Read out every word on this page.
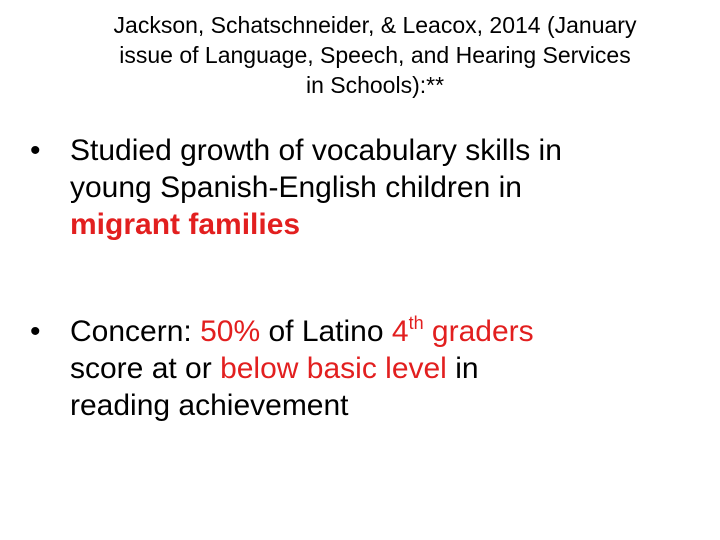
Jackson, Schatschneider, & Leacox, 2014 (January
issue of Language, Speech, and Hearing Services
in Schools):**
• Studied growth of vocabulary skills in
young Spanish-English children in
migrant families
• Concern: 50% of Latino 4th graders
score at or below basic level in
reading achievement
